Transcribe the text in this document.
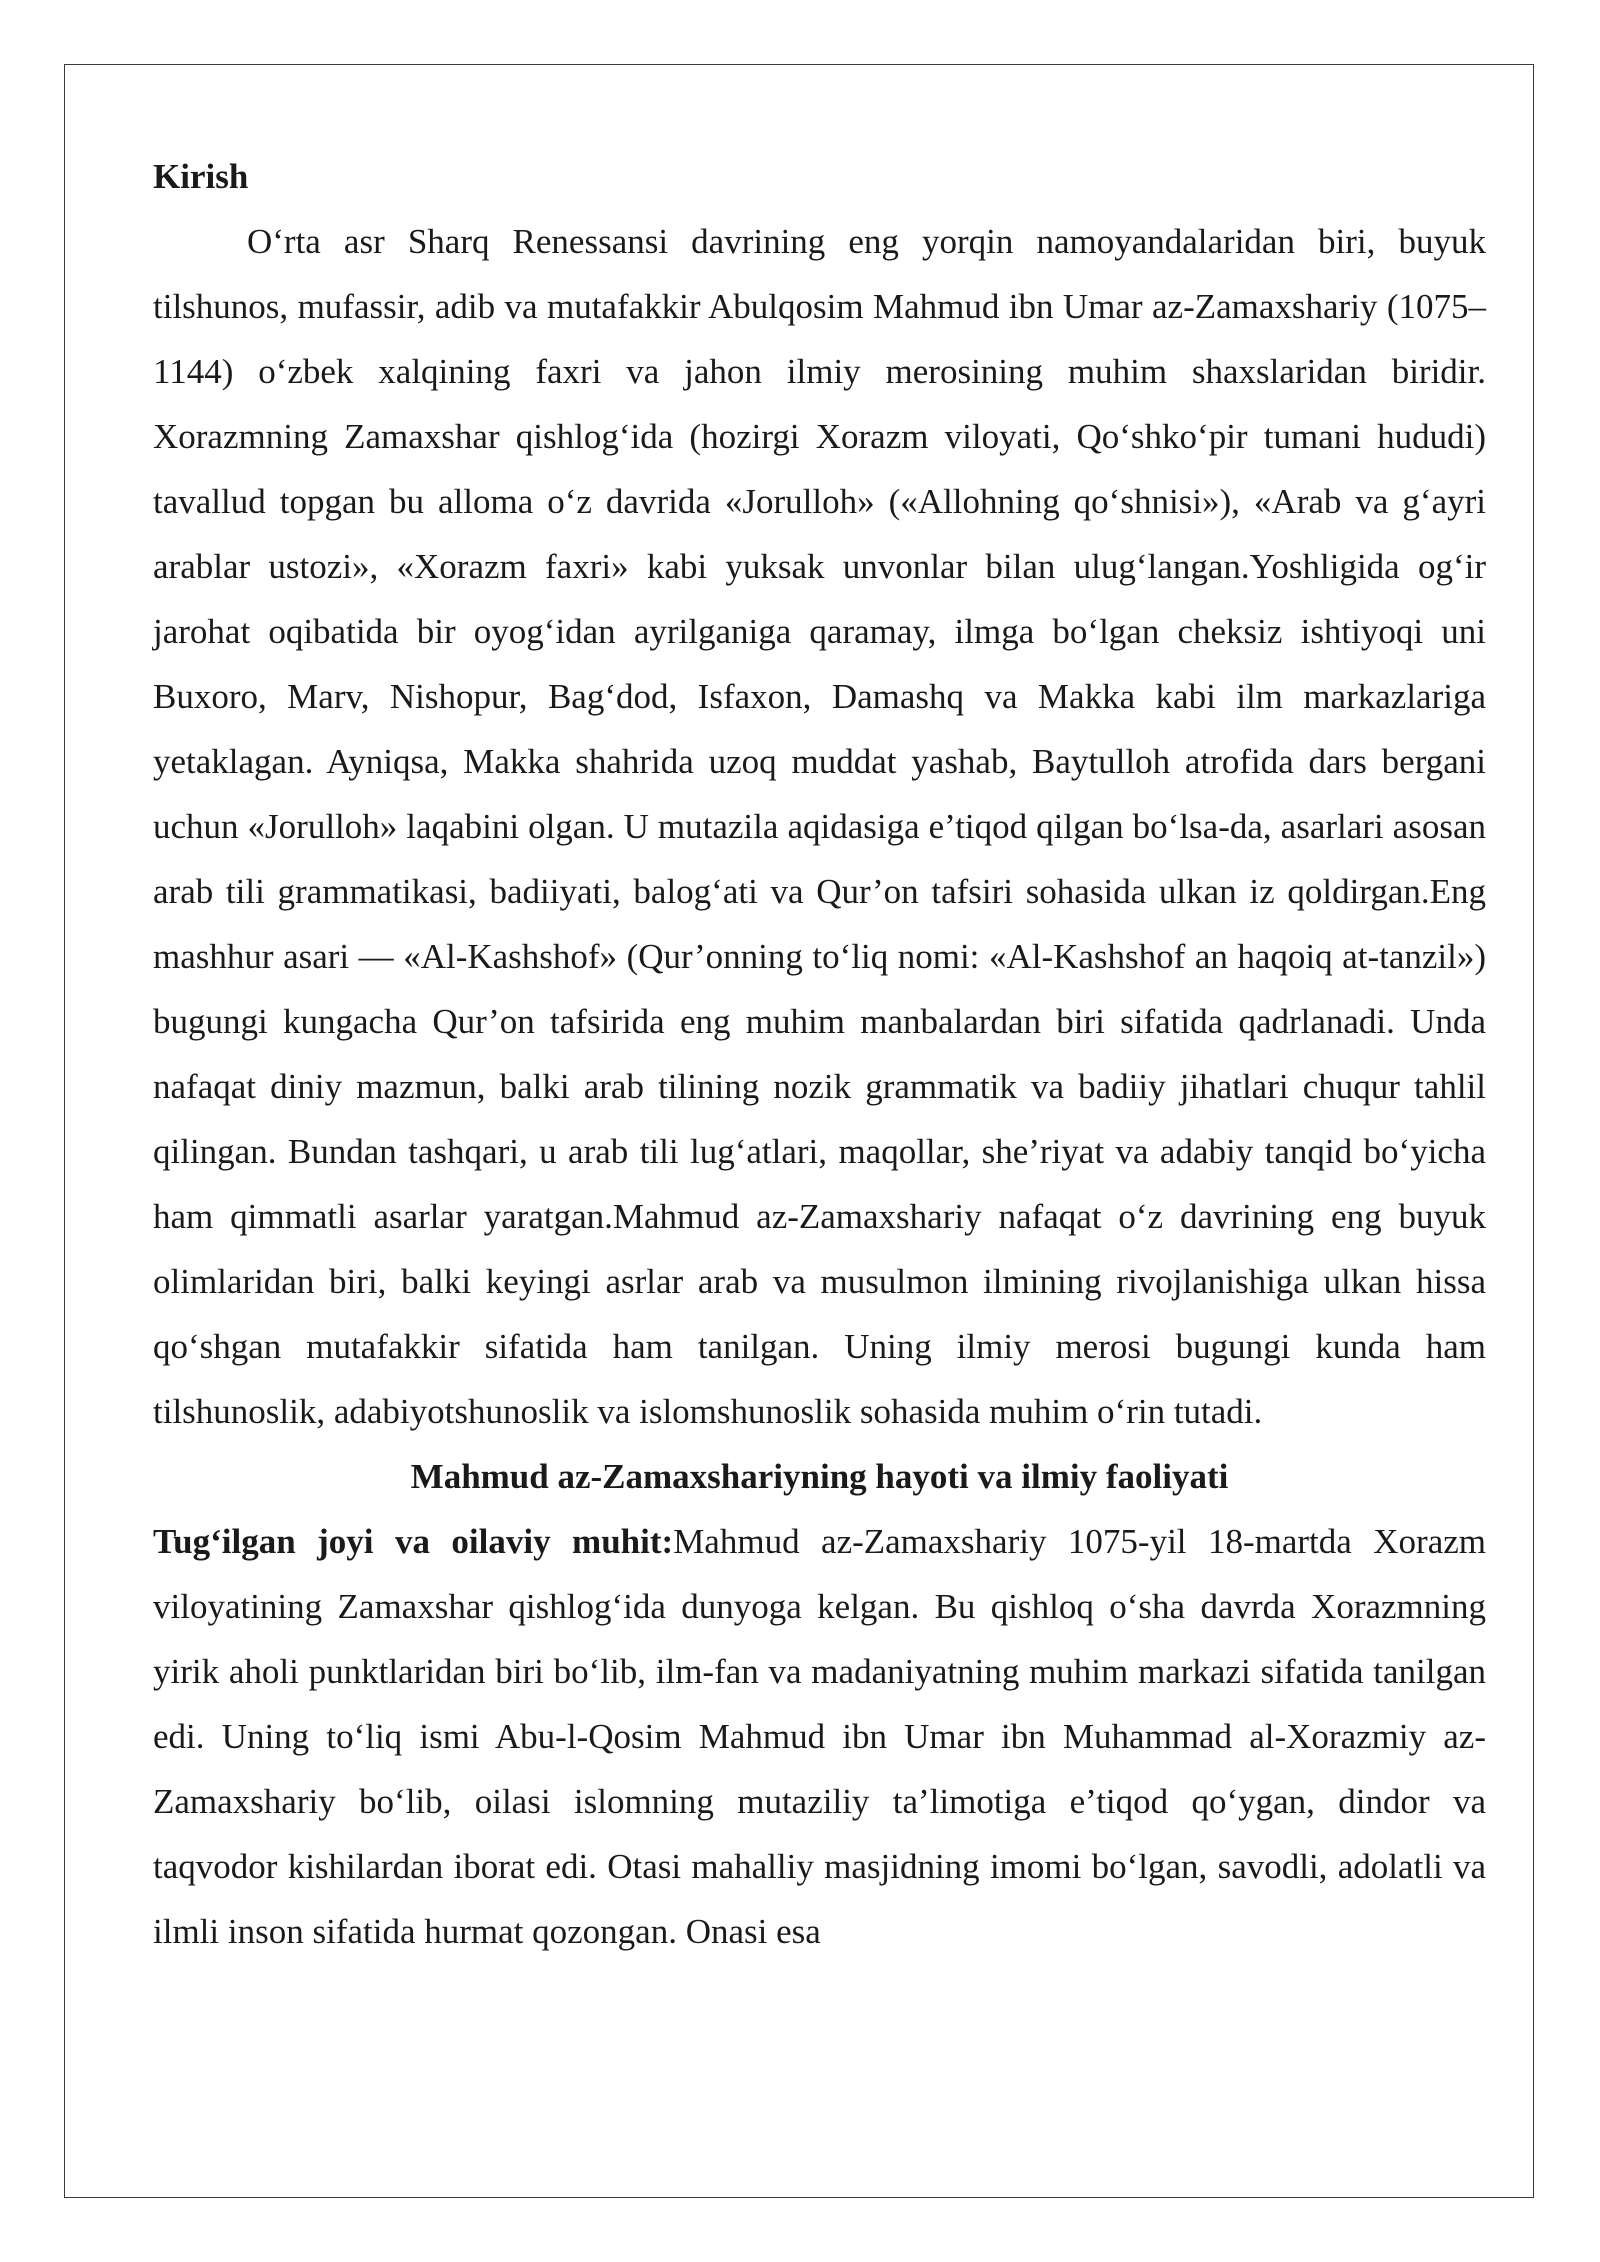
Kirish

O‘rta asr Sharq Renessansi davrining eng yorqin namoyandalaridan biri, buyuk tilshunos, mufassir, adib va mutafakkir Abulqosim Mahmud ibn Umar az-Zamaxshariy (1075–1144) o‘zbek xalqining faxri va jahon ilmiy merosining muhim shaxslaridan biridir. Xorazmning Zamaxshar qishlog‘ida (hozirgi Xorazm viloyati, Qo‘shko‘pir tumani hududi) tavallud topgan bu alloma o‘z davrida «Jorulloh» («Allohning qo‘shnisi»), «Arab va g‘ayri arablar ustozi», «Xorazm faxri» kabi yuksak unvonlar bilan ulug‘langan.Yoshligida og‘ir jarohat oqibatida bir oyog‘idan ayrilganiga qaramay, ilmga bo‘lgan cheksiz ishtiyoqi uni Buxoro, Marv, Nishopur, Bag‘dod, Isfaxon, Damashq va Makka kabi ilm markazlariga yetaklagan. Ayniqsa, Makka shahrida uzoq muddat yashab, Baytulloh atrofida dars bergani uchun «Jorulloh» laqabini olgan. U mutazila aqidasiga e’tiqod qilgan bo‘lsa-da, asarlari asosan arab tili grammatikasi, badiiyati, balog‘ati va Qur’on tafsiri sohasida ulkan iz qoldirgan.Eng mashhur asari — «Al-Kashshof» (Qur’onning to‘liq nomi: «Al-Kashshof an haqoiq at-tanzil») bugungi kungacha Qur’on tafsirida eng muhim manbalardan biri sifatida qadrlanadi. Unda nafaqat diniy mazmun, balki arab tilining nozik grammatik va badiiy jihatlari chuqur tahlil qilingan. Bundan tashqari, u arab tili lug‘atlari, maqollar, she’riyat va adabiy tanqid bo‘yicha ham qimmatli asarlar yaratgan.Mahmud az-Zamaxshariy nafaqat o‘z davrining eng buyuk olimlaridan biri, balki keyingi asrlar arab va musulmon ilmining rivojlanishiga ulkan hissa qo‘shgan mutafakkir sifatida ham tanilgan. Uning ilmiy merosi bugungi kunda ham tilshunoslik, adabiyotshunoslik va islomshunoslik sohasida muhim o‘rin tutadi.

Mahmud az-Zamaxshariyning hayoti va ilmiy faoliyati

Tug‘ilgan joyi va oilaviy muhit:Mahmud az-Zamaxshariy 1075-yil 18-martda Xorazm viloyatining Zamaxshar qishlog‘ida dunyoga kelgan. Bu qishloq o‘sha davrda Xorazmning yirik aholi punktlaridan biri bo‘lib, ilm-fan va madaniyatning muhim markazi sifatida tanilgan edi. Uning to‘liq ismi Abu-l-Qosim Mahmud ibn Umar ibn Muhammad al-Xorazmiy az-Zamaxshariy bo‘lib, oilasi islomning mutaziliy ta’limotiga e’tiqod qo‘ygan, dindor va taqvodor kishilardan iborat edi. Otasi mahalliy masjidning imomi bo‘lgan, savodli, adolatli va ilmli inson sifatida hurmat qozongan. Onasi esa
